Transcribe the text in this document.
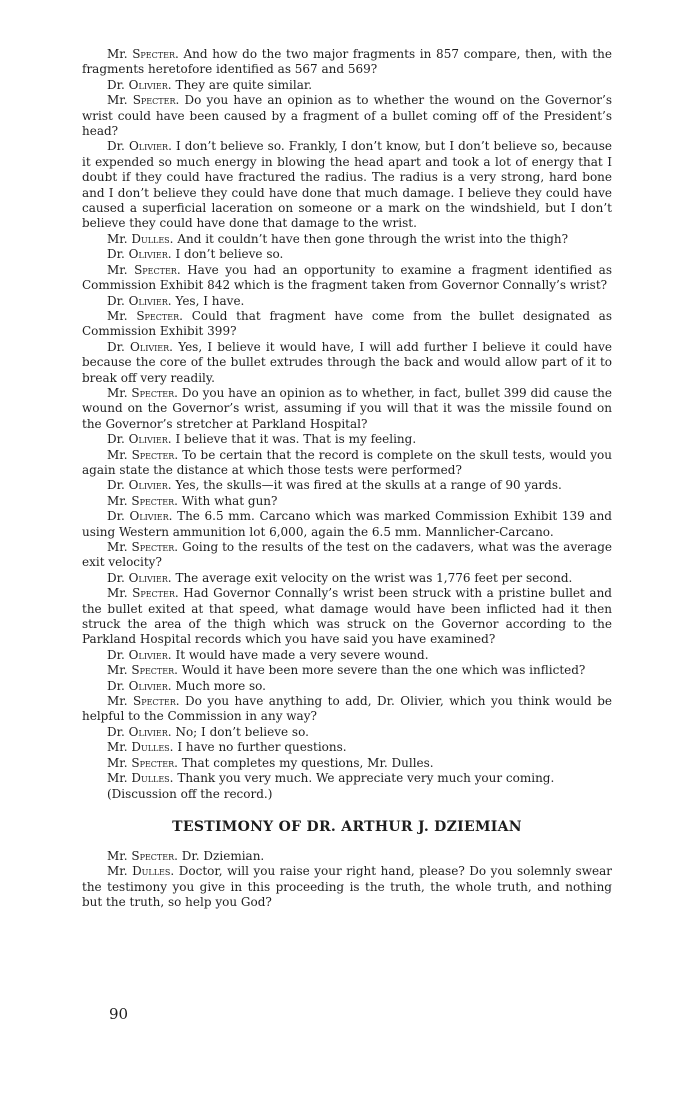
Mr. Specter. And how do the two major fragments in 857 compare, then, with the fragments heretofore identified as 567 and 569?

Dr. Olivier. They are quite similar.

Mr. Specter. Do you have an opinion as to whether the wound on the Governor’s wrist could have been caused by a fragment of a bullet coming off of the President’s head?

Dr. Olivier. I don’t believe so. Frankly, I don’t know, but I don’t believe so, because it expended so much energy in blowing the head apart and took a lot of energy that I doubt if they could have fractured the radius. The radius is a very strong, hard bone and I don’t believe they could have done that much damage. I believe they could have caused a superficial laceration on someone or a mark on the windshield, but I don’t believe they could have done that damage to the wrist.

Mr. Dulles. And it couldn’t have then gone through the wrist into the thigh?

Dr. Olivier. I don’t believe so.

Mr. Specter. Have you had an opportunity to examine a fragment identified as Commission Exhibit 842 which is the fragment taken from Governor Connally’s wrist?

Dr. Olivier. Yes, I have.

Mr. Specter. Could that fragment have come from the bullet designated as Commission Exhibit 399?

Dr. Olivier. Yes, I believe it would have, I will add further I believe it could have because the core of the bullet extrudes through the back and would allow part of it to break off very readily.

Mr. Specter. Do you have an opinion as to whether, in fact, bullet 399 did cause the wound on the Governor’s wrist, assuming if you will that it was the missile found on the Governor’s stretcher at Parkland Hospital?

Dr. Olivier. I believe that it was. That is my feeling.

Mr. Specter. To be certain that the record is complete on the skull tests, would you again state the distance at which those tests were performed?

Dr. Olivier. Yes, the skulls—it was fired at the skulls at a range of 90 yards.

Mr. Specter. With what gun?

Dr. Olivier. The 6.5 mm. Carcano which was marked Commission Exhibit 139 and using Western ammunition lot 6,000, again the 6.5 mm. Mannlicher-Carcano.

Mr. Specter. Going to the results of the test on the cadavers, what was the average exit velocity?

Dr. Olivier. The average exit velocity on the wrist was 1,776 feet per second.

Mr. Specter. Had Governor Connally’s wrist been struck with a pristine bullet and the bullet exited at that speed, what damage would have been inflicted had it then struck the area of the thigh which was struck on the Governor according to the Parkland Hospital records which you have said you have examined?

Dr. Olivier. It would have made a very severe wound.

Mr. Specter. Would it have been more severe than the one which was inflicted?

Dr. Olivier. Much more so.

Mr. Specter. Do you have anything to add, Dr. Olivier, which you think would be helpful to the Commission in any way?

Dr. Olivier. No; I don’t believe so.

Mr. Dulles. I have no further questions.

Mr. Specter. That completes my questions, Mr. Dulles.

Mr. Dulles. Thank you very much. We appreciate very much your coming.

(Discussion off the record.)

TESTIMONY OF DR. ARTHUR J. DZIEMIAN

Mr. Specter. Dr. Dziemian.

Mr. Dulles. Doctor, will you raise your right hand, please? Do you solemnly swear the testimony you give in this proceeding is the truth, the whole truth, and nothing but the truth, so help you God?

90
